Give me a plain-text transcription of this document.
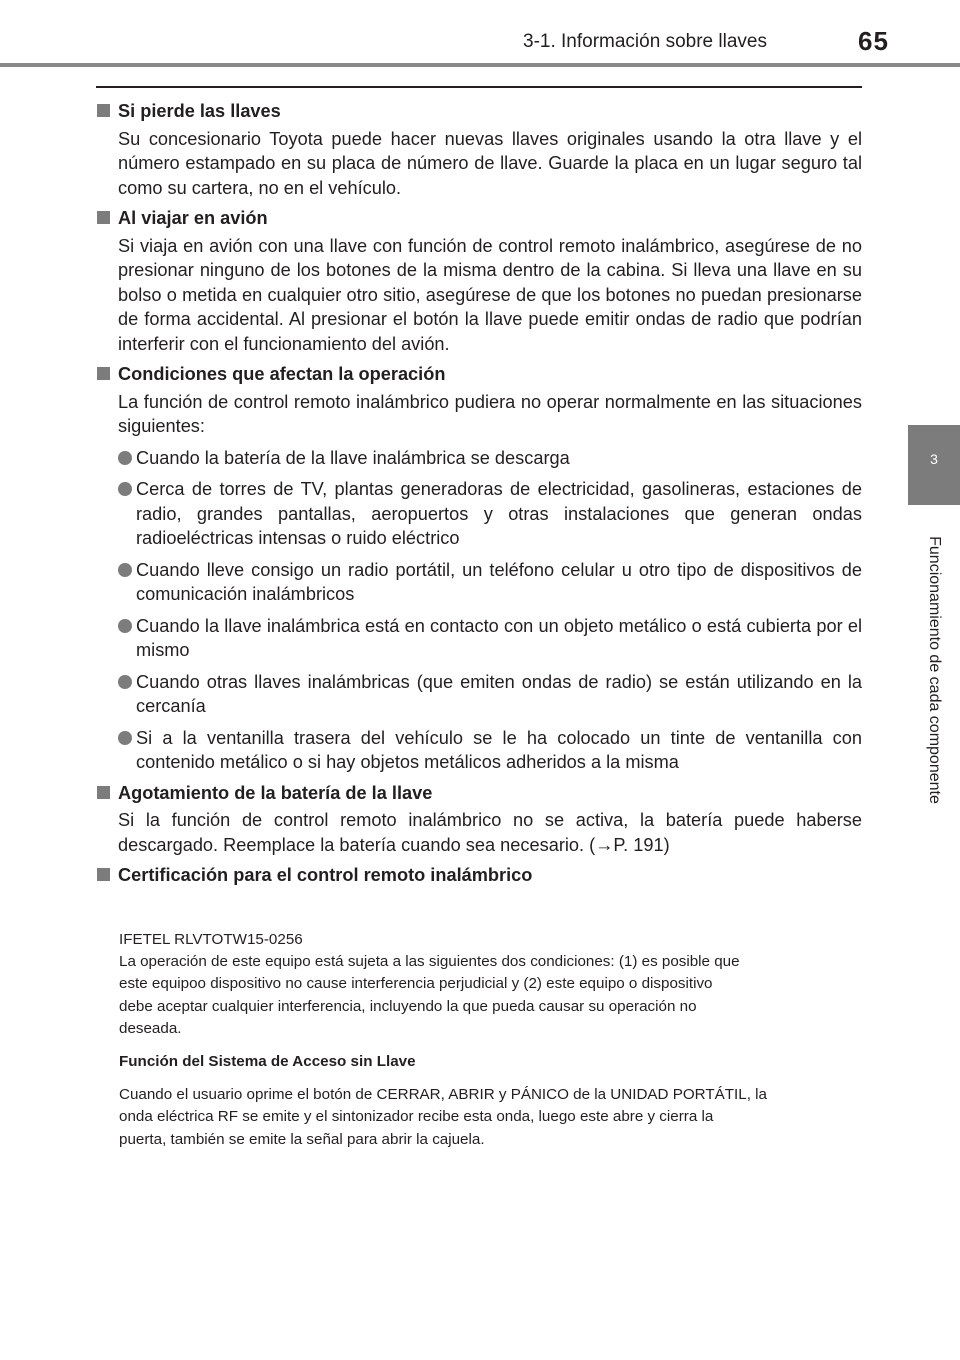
3-1. Información sobre llaves	65
3
Funcionamiento de cada componente
Si pierde las llaves
Su concesionario Toyota puede hacer nuevas llaves originales usando la otra llave y el número estampado en su placa de número de llave. Guarde la placa en un lugar seguro tal como su cartera, no en el vehículo.
Al viajar en avión
Si viaja en avión con una llave con función de control remoto inalámbrico, asegúrese de no presionar ninguno de los botones de la misma dentro de la cabina. Si lleva una llave en su bolso o metida en cualquier otro sitio, asegúrese de que los botones no puedan presionarse de forma accidental. Al presionar el botón la llave puede emitir ondas de radio que podrían interferir con el funcionamiento del avión.
Condiciones que afectan la operación
La función de control remoto inalámbrico pudiera no operar normalmente en las situaciones siguientes:
Cuando la batería de la llave inalámbrica se descarga
Cerca de torres de TV, plantas generadoras de electricidad, gasolineras, estaciones de radio, grandes pantallas, aeropuertos y otras instalaciones que generan ondas radioeléctricas intensas o ruido eléctrico
Cuando lleve consigo un radio portátil, un teléfono celular u otro tipo de dispositivos de comunicación inalámbricos
Cuando la llave inalámbrica está en contacto con un objeto metálico o está cubierta por el mismo
Cuando otras llaves inalámbricas (que emiten ondas de radio) se están utilizando en la cercanía
Si a la ventanilla trasera del vehículo se le ha colocado un tinte de ventanilla con contenido metálico o si hay objetos metálicos adheridos a la misma
Agotamiento de la batería de la llave
Si la función de control remoto inalámbrico no se activa, la batería puede haberse descargado. Reemplace la batería cuando sea necesario. (→P. 191)
Certificación para el control remoto inalámbrico

IFETEL RLVTOTW15-0256

La operación de este equipo está sujeta a las siguientes dos condiciones: (1) es posible que

este equipoo dispositivo no cause interferencia perjudicial y (2) este equipo o dispositivo

debe aceptar cualquier interferencia, incluyendo la que pueda causar su operación no

deseada.

Función del Sistema de Acceso sin Llave

Cuando el usuario oprime el botón de CERRAR, ABRIR y PÁNICO de la UNIDAD PORTÁTIL, la

onda eléctrica RF se emite y el sintonizador recibe esta onda, luego este abre y cierra la

puerta, también se emite la señal para abrir la cajuela.
